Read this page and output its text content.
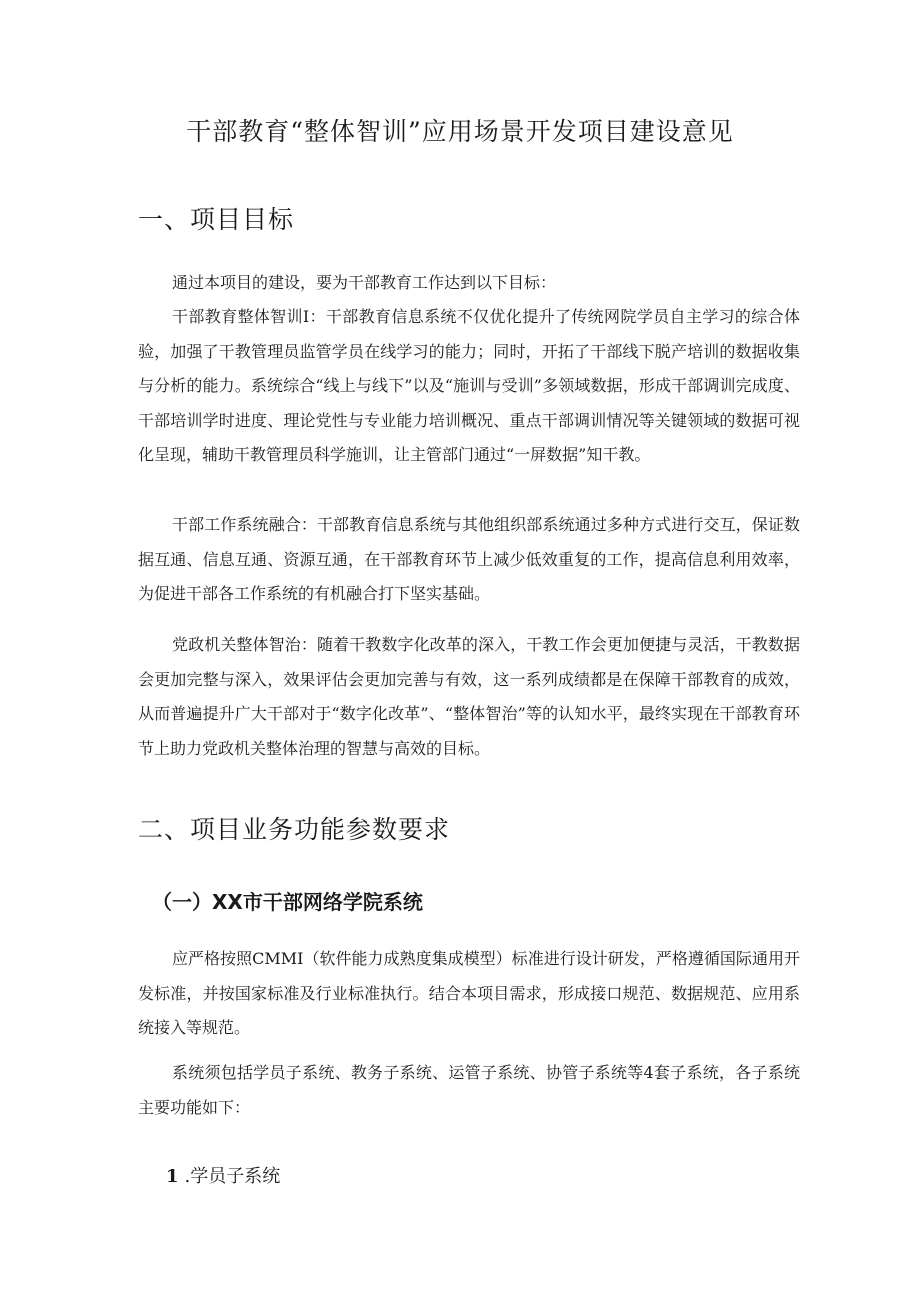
干部教育“整体智训”应用场景开发项目建设意见
一、项目目标

通过本项目的建设，要为干部教育工作达到以下目标：

干部教育整体智训I：干部教育信息系统不仅优化提升了传统网院学员自主学习的综合体验，加强了干教管理员监管学员在线学习的能力；同时，开拓了干部线下脱产培训的数据收集与分析的能力。系统综合“线上与线下”以及“施训与受训”多领域数据，形成干部调训完成度、干部培训学时进度、理论党性与专业能力培训概况、重点干部调训情况等关键领域的数据可视化呈现，辅助干教管理员科学施训，让主管部门通过“一屏数据”知干教。

干部工作系统融合：干部教育信息系统与其他组织部系统通过多种方式进行交互，保证数据互通、信息互通、资源互通，在干部教育环节上减少低效重复的工作，提高信息利用效率，为促进干部各工作系统的有机融合打下坚实基础。

党政机关整体智治：随着干教数字化改革的深入，干教工作会更加便捷与灵活，干教数据会更加完整与深入，效果评估会更加完善与有效，这一系列成绩都是在保障干部教育的成效，从而普遍提升广大干部对于“数字化改革”、“整体智治”等的认知水平，最终实现在干部教育环节上助力党政机关整体治理的智慧与高效的目标。

二、项目业务功能参数要求
（一）XX市干部网络学院系统

应严格按照CMMI（软件能力成熟度集成模型）标准进行设计研发，严格遵循国际通用开发标准，并按国家标准及行业标准执行。结合本项目需求，形成接口规范、数据规范、应用系统接入等规范。

系统须包括学员子系统、教务子系统、运管子系统、协管子系统等4套子系统，各子系统主要功能如下：

1 .学员子系统
